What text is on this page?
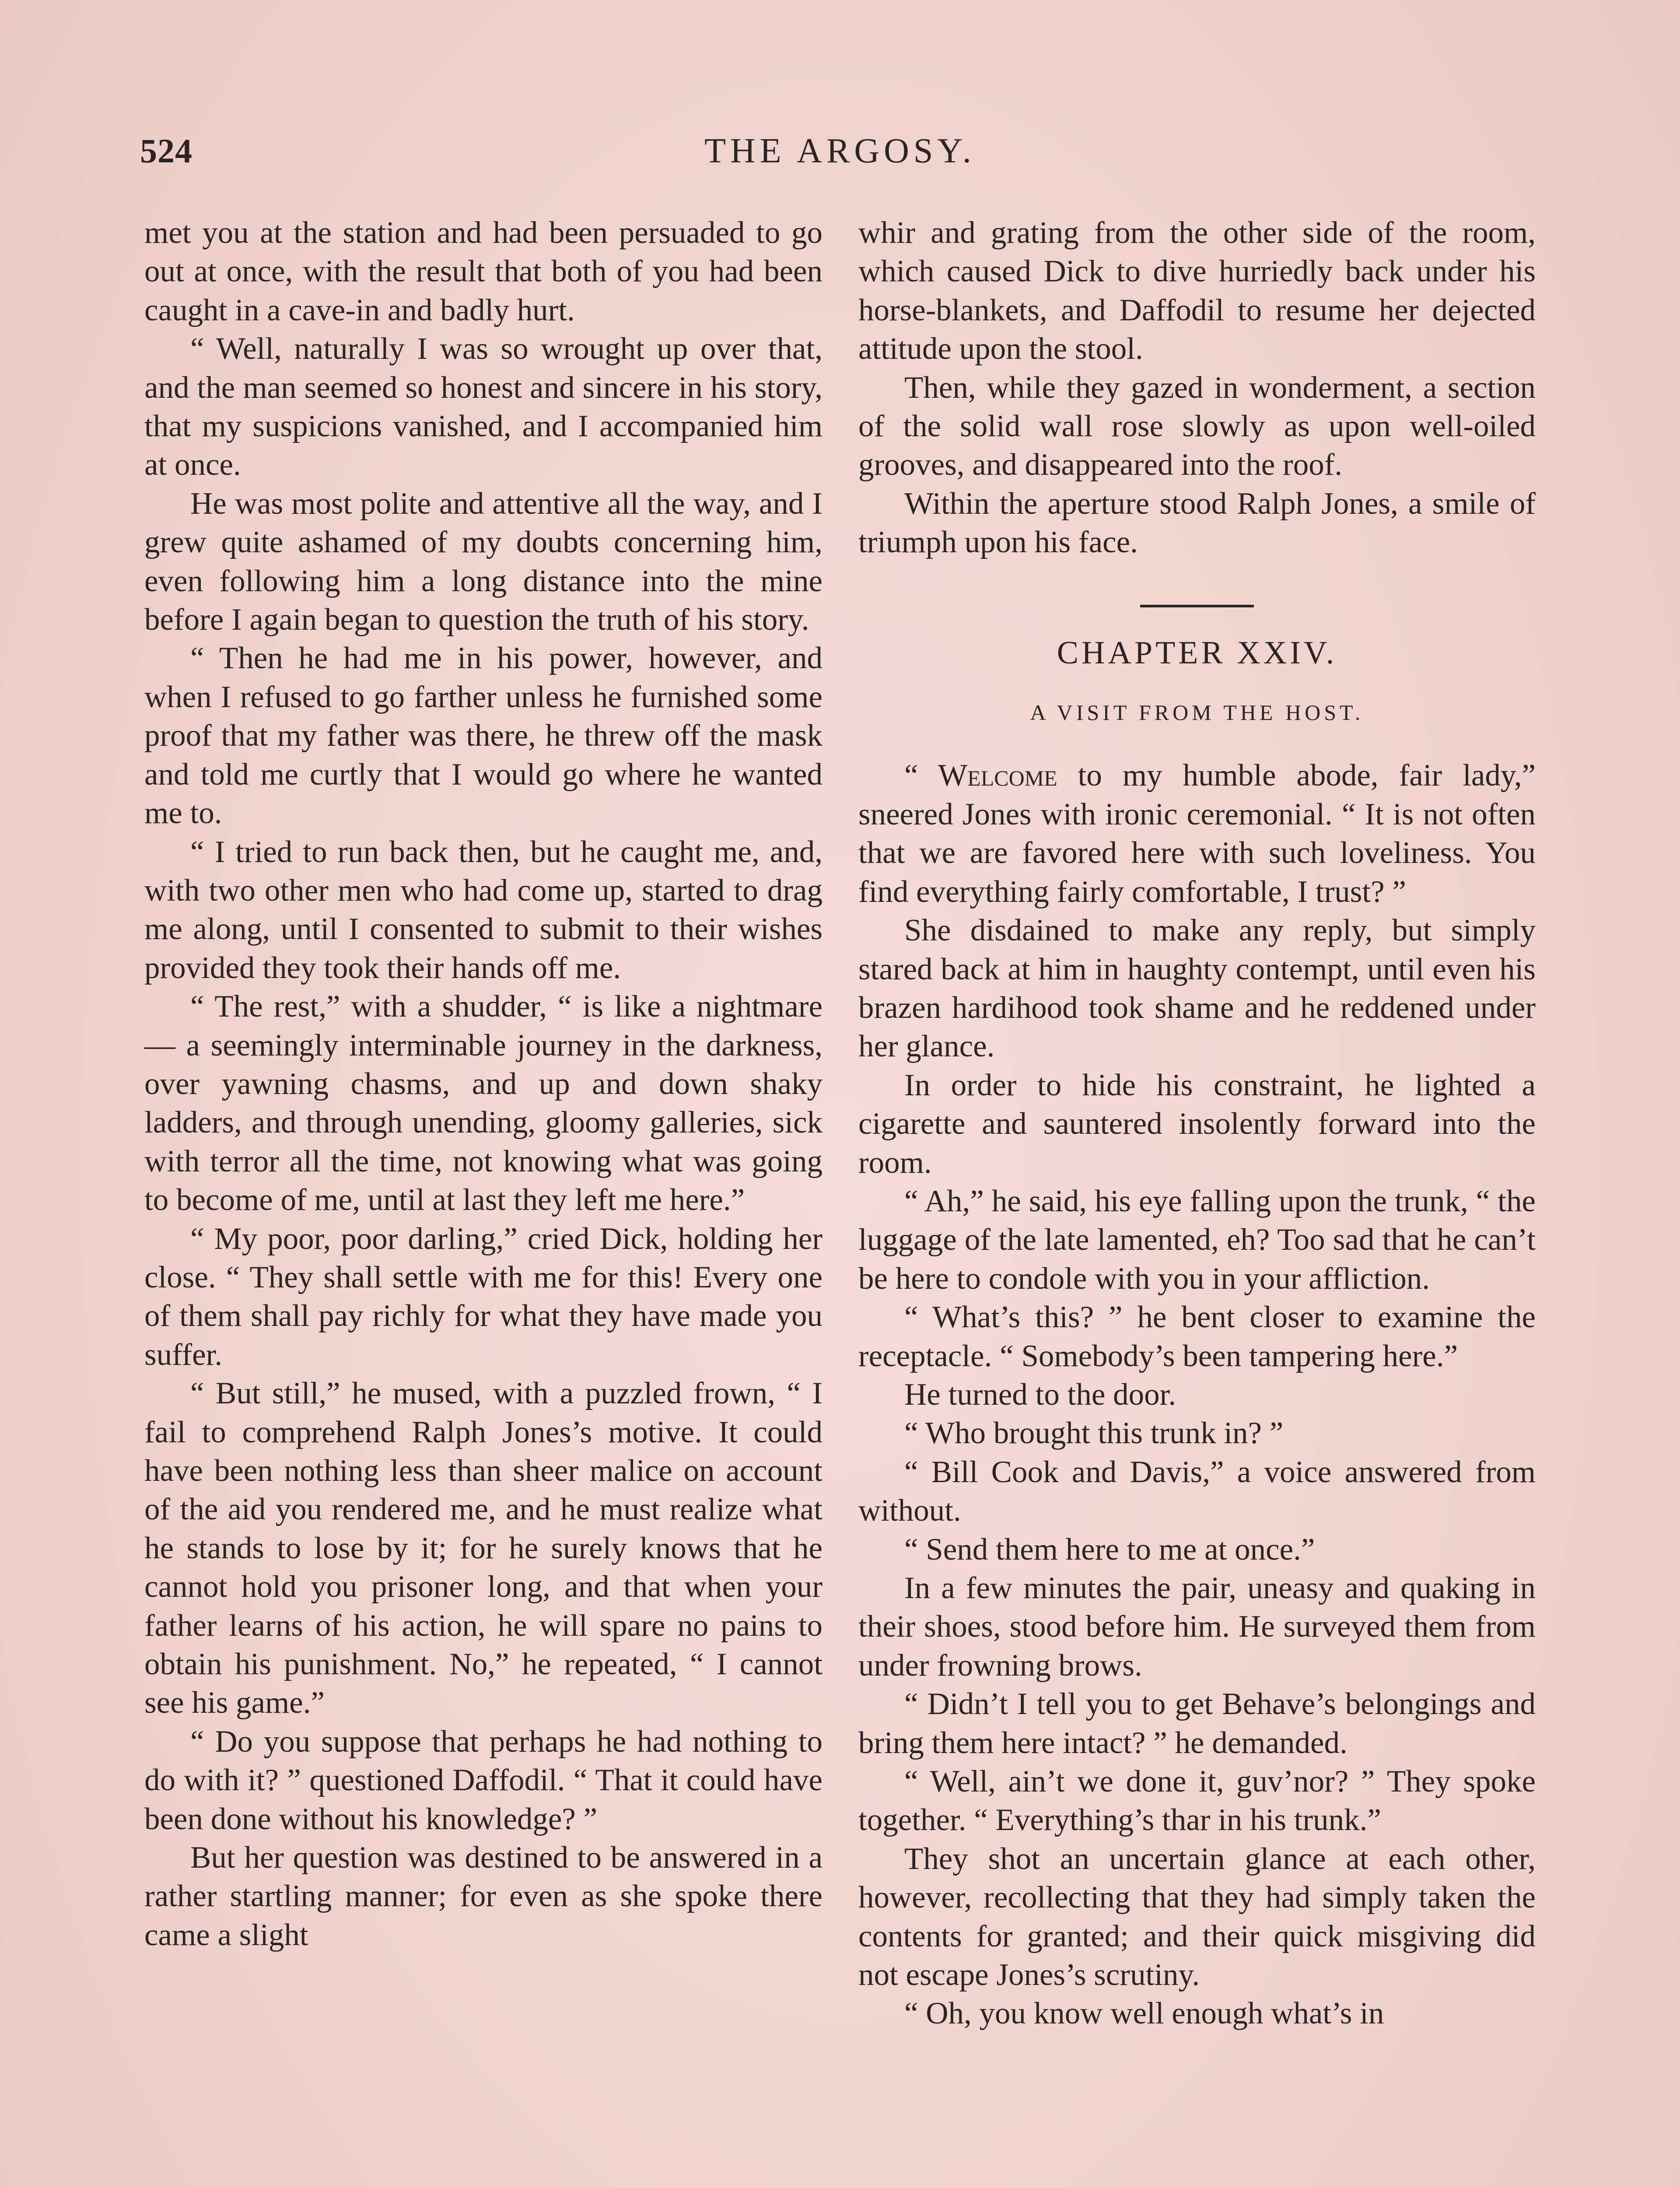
524	THE ARGOSY.

met you at the station and had been persuaded to go out at once, with the result that both of you had been caught in a cave-in and badly hurt.

“ Well, naturally I was so wrought up over that, and the man seemed so honest and sincere in his story, that my suspicions vanished, and I accompanied him at once.

He was most polite and attentive all the way, and I grew quite ashamed of my doubts concerning him, even following him a long distance into the mine before I again began to question the truth of his story.

“ Then he had me in his power, however, and when I refused to go farther unless he furnished some proof that my father was there, he threw off the mask and told me curtly that I would go where he wanted me to.

“ I tried to run back then, but he caught me, and, with two other men who had come up, started to drag me along, until I consented to submit to their wishes provided they took their hands off me.

“ The rest,” with a shudder, “ is like a nightmare — a seemingly interminable journey in the darkness, over yawning chasms, and up and down shaky ladders, and through unending, gloomy galleries, sick with terror all the time, not knowing what was going to become of me, until at last they left me here.”

“ My poor, poor darling,” cried Dick, holding her close. “ They shall settle with me for this! Every one of them shall pay richly for what they have made you suffer.

“ But still,” he mused, with a puzzled frown, “ I fail to comprehend Ralph Jones’s motive. It could have been nothing less than sheer malice on account of the aid you rendered me, and he must realize what he stands to lose by it; for he surely knows that he cannot hold you prisoner long, and that when your father learns of his action, he will spare no pains to obtain his punishment. No,” he repeated, “ I cannot see his game.”

“ Do you suppose that perhaps he had nothing to do with it? ” questioned Daffodil. “ That it could have been done without his knowledge? ”

But her question was destined to be answered in a rather startling manner; for even as she spoke there came a slight

whir and grating from the other side of the room, which caused Dick to dive hurriedly back under his horse-blankets, and Daffodil to resume her dejected attitude upon the stool.

Then, while they gazed in wonderment, a section of the solid wall rose slowly as upon well-oiled grooves, and disappeared into the roof.

Within the aperture stood Ralph Jones, a smile of triumph upon his face.

CHAPTER XXIV.
A VISIT FROM THE HOST.

“ Welcome to my humble abode, fair lady,” sneered Jones with ironic ceremonial. “ It is not often that we are favored here with such loveliness. You find everything fairly comfortable, I trust? ”

She disdained to make any reply, but simply stared back at him in haughty contempt, until even his brazen hardihood took shame and he reddened under her glance.

In order to hide his constraint, he lighted a cigarette and sauntered insolently forward into the room.

“ Ah,” he said, his eye falling upon the trunk, “ the luggage of the late lamented, eh? Too sad that he can’t be here to condole with you in your affliction.

“ What’s this? ” he bent closer to examine the receptacle. “ Somebody’s been tampering here.”

He turned to the door.

“ Who brought this trunk in? ”

“ Bill Cook and Davis,” a voice answered from without.

“ Send them here to me at once.”

In a few minutes the pair, uneasy and quaking in their shoes, stood before him. He surveyed them from under frowning brows.

“ Didn’t I tell you to get Behave’s belongings and bring them here intact? ” he demanded.

“ Well, ain’t we done it, guv’nor? ” They spoke together. “ Everything’s thar in his trunk.”

They shot an uncertain glance at each other, however, recollecting that they had simply taken the contents for granted; and their quick misgiving did not escape Jones’s scrutiny.

“ Oh, you know well enough what’s in
